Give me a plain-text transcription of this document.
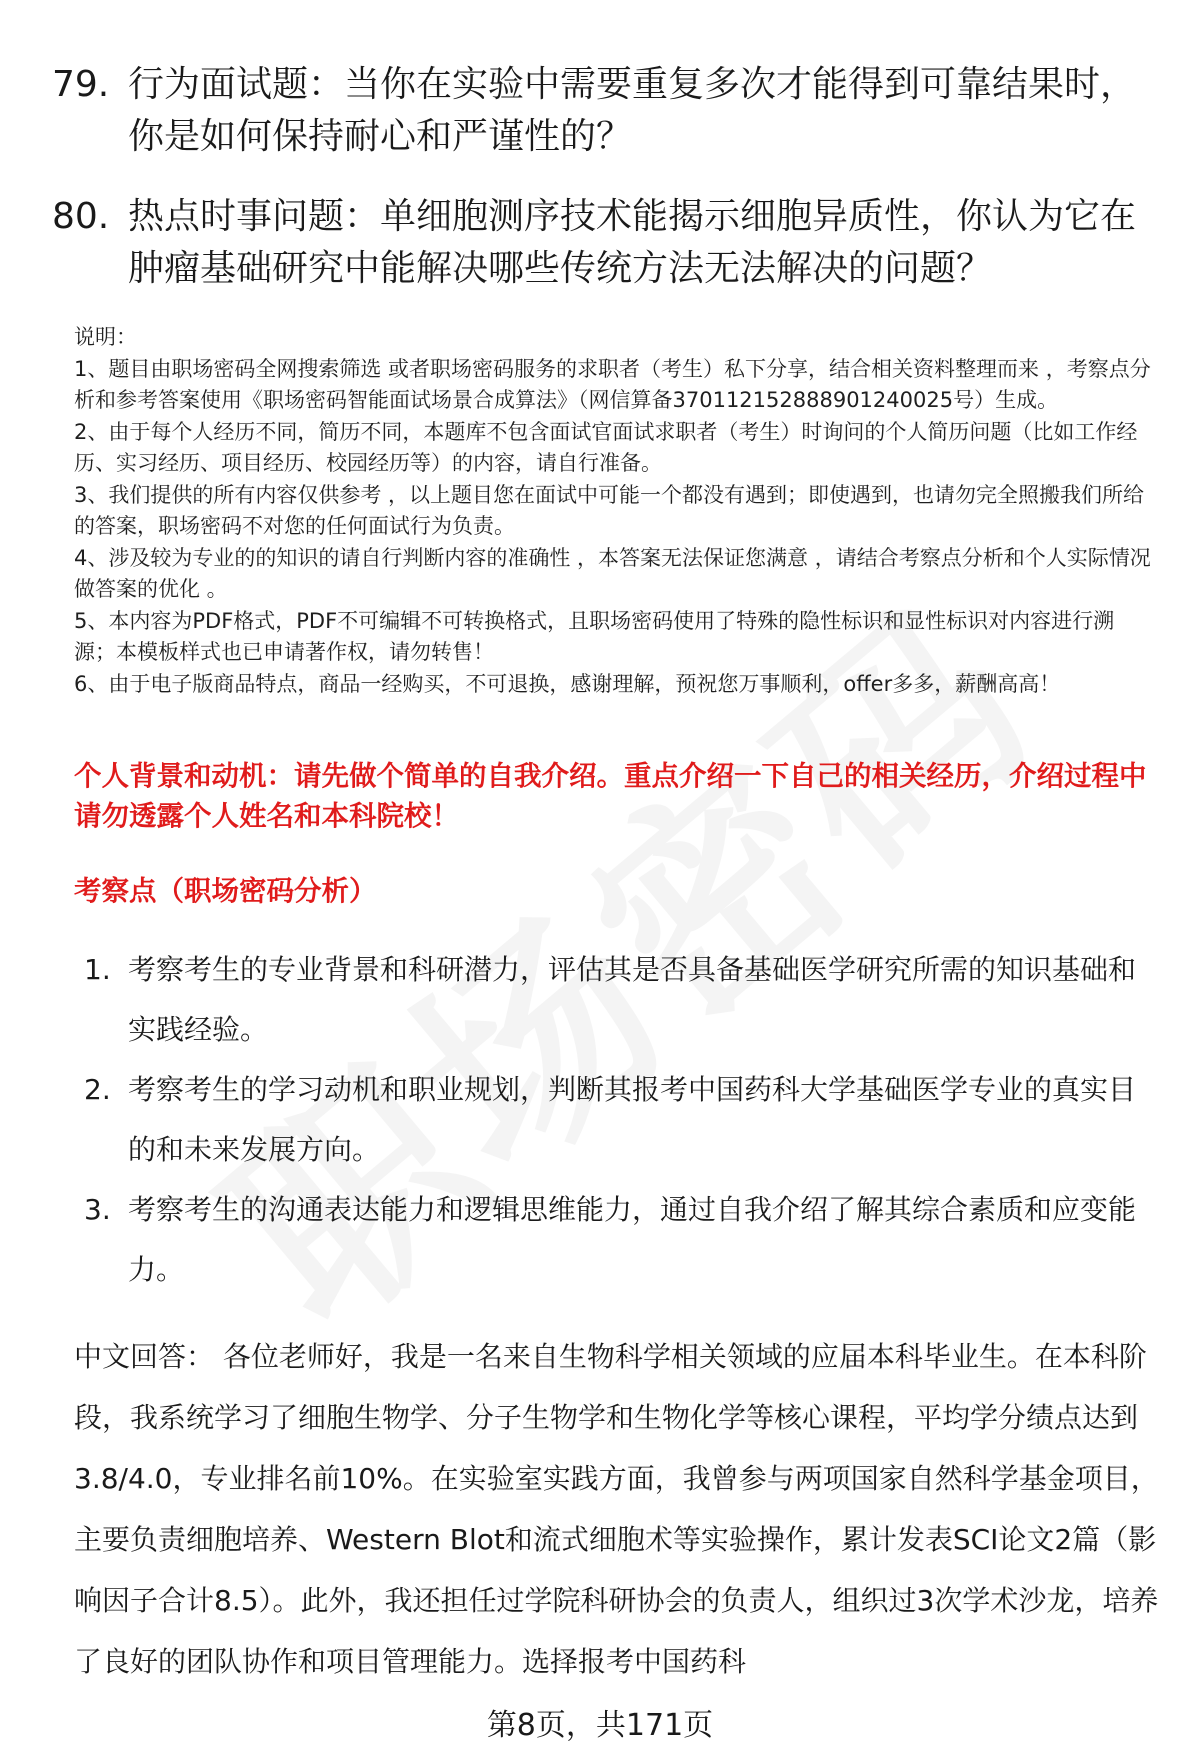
79. 行为面试题：当你在实验中需要重复多次才能得到可靠结果时，你是如何保持耐心和严谨性的？
80. 热点时事问题：单细胞测序技术能揭示细胞异质性，你认为它在肿瘤基础研究中能解决哪些传统方法无法解决的问题？

说明：

1、题目由职场密码全网搜索筛选 或者职场密码服务的求职者（考生）私下分享，结合相关资料整理而来 ，考察点分析和参考答案使用《职场密码智能面试场景合成算法》（网信算备370112152888901240025号）生成。

2、由于每个人经历不同，简历不同，本题库不包含面试官面试求职者（考生）时询问的个人简历问题（比如工作经历、实习经历、项目经历、校园经历等）的内容，请自行准备。

3、我们提供的所有内容仅供参考 ，以上题目您在面试中可能一个都没有遇到；即使遇到，也请勿完全照搬我们所给的答案，职场密码不对您的任何面试行为负责。

4、涉及较为专业的的知识的请自行判断内容的准确性 ，本答案无法保证您满意 ，请结合考察点分析和个人实际情况做答案的优化 。

5、本内容为PDF格式，PDF不可编辑不可转换格式，且职场密码使用了特殊的隐性标识和显性标识对内容进行溯源；本模板样式也已申请著作权，请勿转售！

6、由于电子版商品特点，商品一经购买，不可退换，感谢理解，预祝您万事顺利，offer多多，薪酬高高！

个人背景和动机：请先做个简单的自我介绍。重点介绍一下自己的相关经历，介绍过程中请勿透露个人姓名和本科院校！
考察点（职场密码分析）
1. 考察考生的专业背景和科研潜力，评估其是否具备基础医学研究所需的知识基础和实践经验。
2. 考察考生的学习动机和职业规划，判断其报考中国药科大学基础医学专业的真实目的和未来发展方向。
3. 考察考生的沟通表达能力和逻辑思维能力，通过自我介绍了解其综合素质和应变能力。
中文回答： 各位老师好，我是一名来自生物科学相关领域的应届本科毕业生。在本科阶段，我系统学习了细胞生物学、分子生物学和生物化学等核心课程，平均学分绩点达到3.8/4.0，专业排名前10%。在实验室实践方面，我曾参与两项国家自然科学基金项目，主要负责细胞培养、Western Blot和流式细胞术等实验操作，累计发表SCI论文2篇（影响因子合计8.5）。此外，我还担任过学院科研协会的负责人，组织过3次学术沙龙，培养了良好的团队协作和项目管理能力。选择报考中国药科
第8页，共171页
